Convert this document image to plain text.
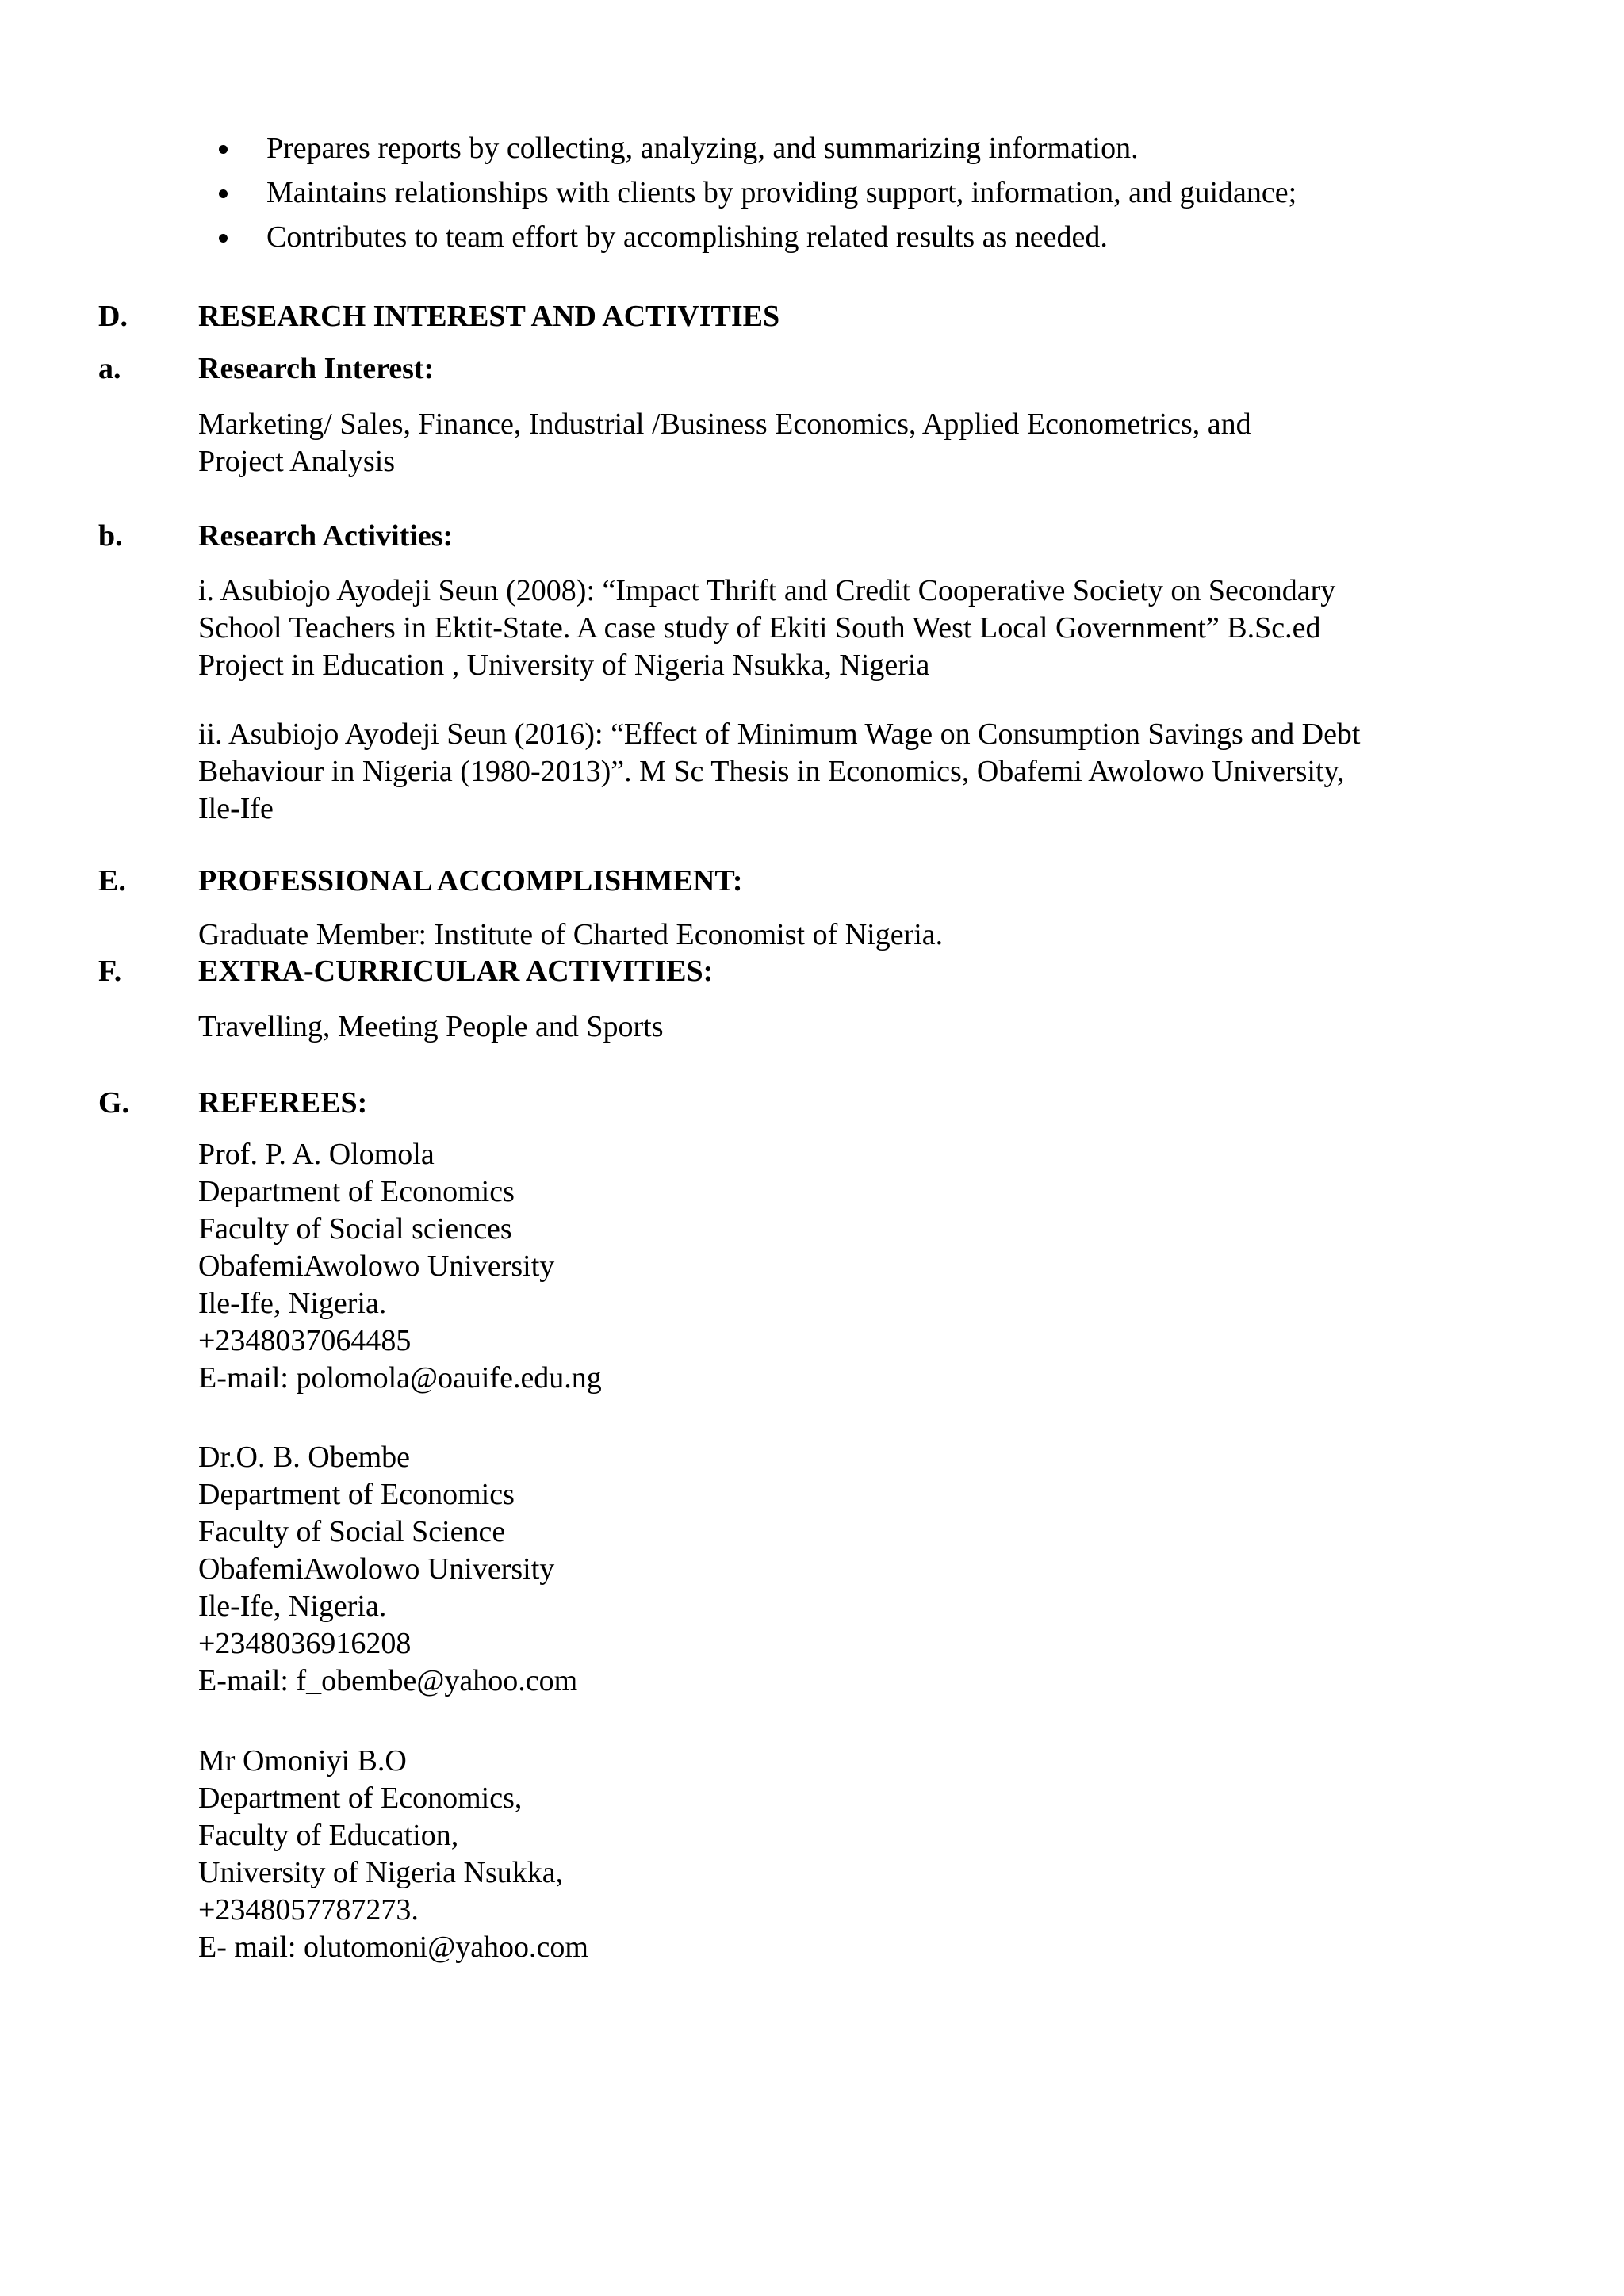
Prepares reports by collecting, analyzing, and summarizing information.
Maintains relationships with clients by providing support, information, and guidance;
Contributes to team effort by accomplishing related results as needed.
D. RESEARCH INTEREST AND ACTIVITIES
a.	Research Interest:
Marketing/ Sales, Finance, Industrial /Business Economics, Applied Econometrics, and
Project Analysis
b.	Research Activities:
i. Asubiojo Ayodeji Seun (2008): “Impact Thrift and Credit Cooperative Society on Secondary
School Teachers in Ektit-State. A case study of Ekiti South West Local Government” B.Sc.ed
Project in Education , University of Nigeria Nsukka, Nigeria
ii. Asubiojo Ayodeji Seun (2016): “Effect of Minimum Wage on Consumption Savings and Debt
Behaviour in Nigeria (1980-2013)”. M Sc Thesis in Economics, Obafemi Awolowo University,
Ile-Ife
E. PROFESSIONAL ACCOMPLISHMENT:
Graduate Member: Institute of Charted Economist of Nigeria.
F.	EXTRA-CURRICULAR ACTIVITIES:
Travelling, Meeting People and Sports
G. REFEREES:
Prof. P. A. Olomola
Department of Economics
Faculty of Social sciences
ObafemiAwolowo University
Ile-Ife, Nigeria.
+2348037064485
E-mail: polomola@oauife.edu.ng
Dr.O. B. Obembe
Department of Economics
Faculty of Social Science
ObafemiAwolowo University
Ile-Ife, Nigeria.
+2348036916208
E-mail: f_obembe@yahoo.com
Mr Omoniyi B.O
Department of Economics,
Faculty of Education,
University of Nigeria Nsukka,
+2348057787273.
E- mail: olutomoni@yahoo.com
